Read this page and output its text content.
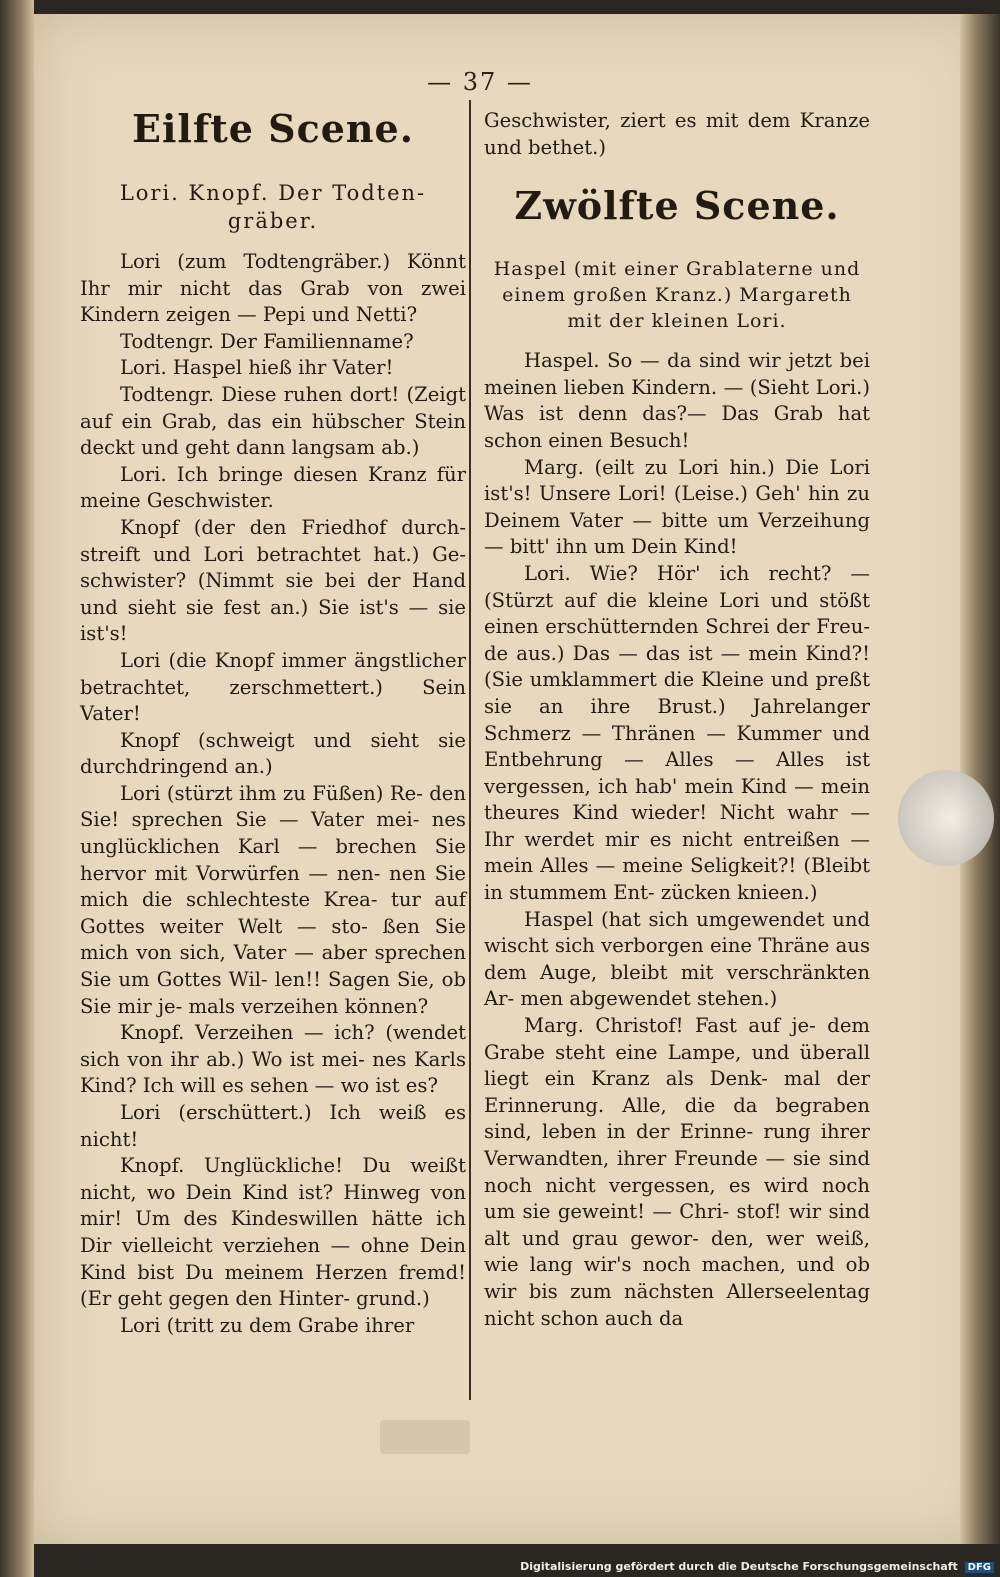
— 37 —
Eilfte Scene.
Lori. Knopf. Der Todten- gräber.

Lori (zum Todtengräber.) Könnt Ihr mir nicht das Grab von zwei Kindern zeigen — Pepi und Netti?

Todtengr. Der Familienname?

Lori. Haspel hieß ihr Vater!

Todtengr. Diese ruhen dort! (Zeigt auf ein Grab, das ein hübscher Stein deckt und geht dann langsam ab.)

Lori. Ich bringe diesen Kranz für meine Geschwister.

Knopf (der den Friedhof durch- streift und Lori betrachtet hat.) Ge- schwister? (Nimmt sie bei der Hand und sieht sie fest an.) Sie ist's — sie ist's!

Lori (die Knopf immer ängstlicher betrachtet, zerschmettert.) Sein Vater!

Knopf (schweigt und sieht sie durchdringend an.)

Lori (stürzt ihm zu Füßen) Re- den Sie! sprechen Sie — Vater mei- nes unglücklichen Karl — brechen Sie hervor mit Vorwürfen — nen- nen Sie mich die schlechteste Krea- tur auf Gottes weiter Welt — sto- ßen Sie mich von sich, Vater — aber sprechen Sie um Gottes Wil- len!! Sagen Sie, ob Sie mir je- mals verzeihen können?

Knopf. Verzeihen — ich? (wendet sich von ihr ab.) Wo ist mei- nes Karls Kind? Ich will es sehen — wo ist es?

Lori (erschüttert.) Ich weiß es nicht!

Knopf. Unglückliche! Du weißt nicht, wo Dein Kind ist? Hinweg von mir! Um des Kindeswillen hätte ich Dir vielleicht verziehen — ohne Dein Kind bist Du meinem Herzen fremd! (Er geht gegen den Hinter- grund.)

Lori (tritt zu dem Grabe ihrer

Geschwister, ziert es mit dem Kranze und bethet.)

Zwölfte Scene.
Haspel (mit einer Grablaterne und einem großen Kranz.) Margareth mit der kleinen Lori.

Haspel. So — da sind wir jetzt bei meinen lieben Kindern. — (Sieht Lori.) Was ist denn das?— Das Grab hat schon einen Besuch!

Marg. (eilt zu Lori hin.) Die Lori ist's! Unsere Lori! (Leise.) Geh' hin zu Deinem Vater — bitte um Verzeihung — bitt' ihn um Dein Kind!

Lori. Wie? Hör' ich recht? — (Stürzt auf die kleine Lori und stößt einen erschütternden Schrei der Freu- de aus.) Das — das ist — mein Kind?! (Sie umklammert die Kleine und preßt sie an ihre Brust.) Jahrelanger Schmerz — Thränen — Kummer und Entbehrung — Alles — Alles ist vergessen, ich hab' mein Kind — mein theures Kind wieder! Nicht wahr — Ihr werdet mir es nicht entreißen — mein Alles — meine Seligkeit?! (Bleibt in stummem Ent- zücken knieen.)

Haspel (hat sich umgewendet und wischt sich verborgen eine Thräne aus dem Auge, bleibt mit verschränkten Ar- men abgewendet stehen.)

Marg. Christof! Fast auf je- dem Grabe steht eine Lampe, und überall liegt ein Kranz als Denk- mal der Erinnerung. Alle, die da begraben sind, leben in der Erinne- rung ihrer Verwandten, ihrer Freunde — sie sind noch nicht vergessen, es wird noch um sie geweint! — Chri- stof! wir sind alt und grau gewor- den, wer weiß, wie lang wir's noch machen, und ob wir bis zum nächsten Allerseelentag nicht schon auch da

Digitalisierung gefördert durch die Deutsche Forschungsgemeinschaft DFG
